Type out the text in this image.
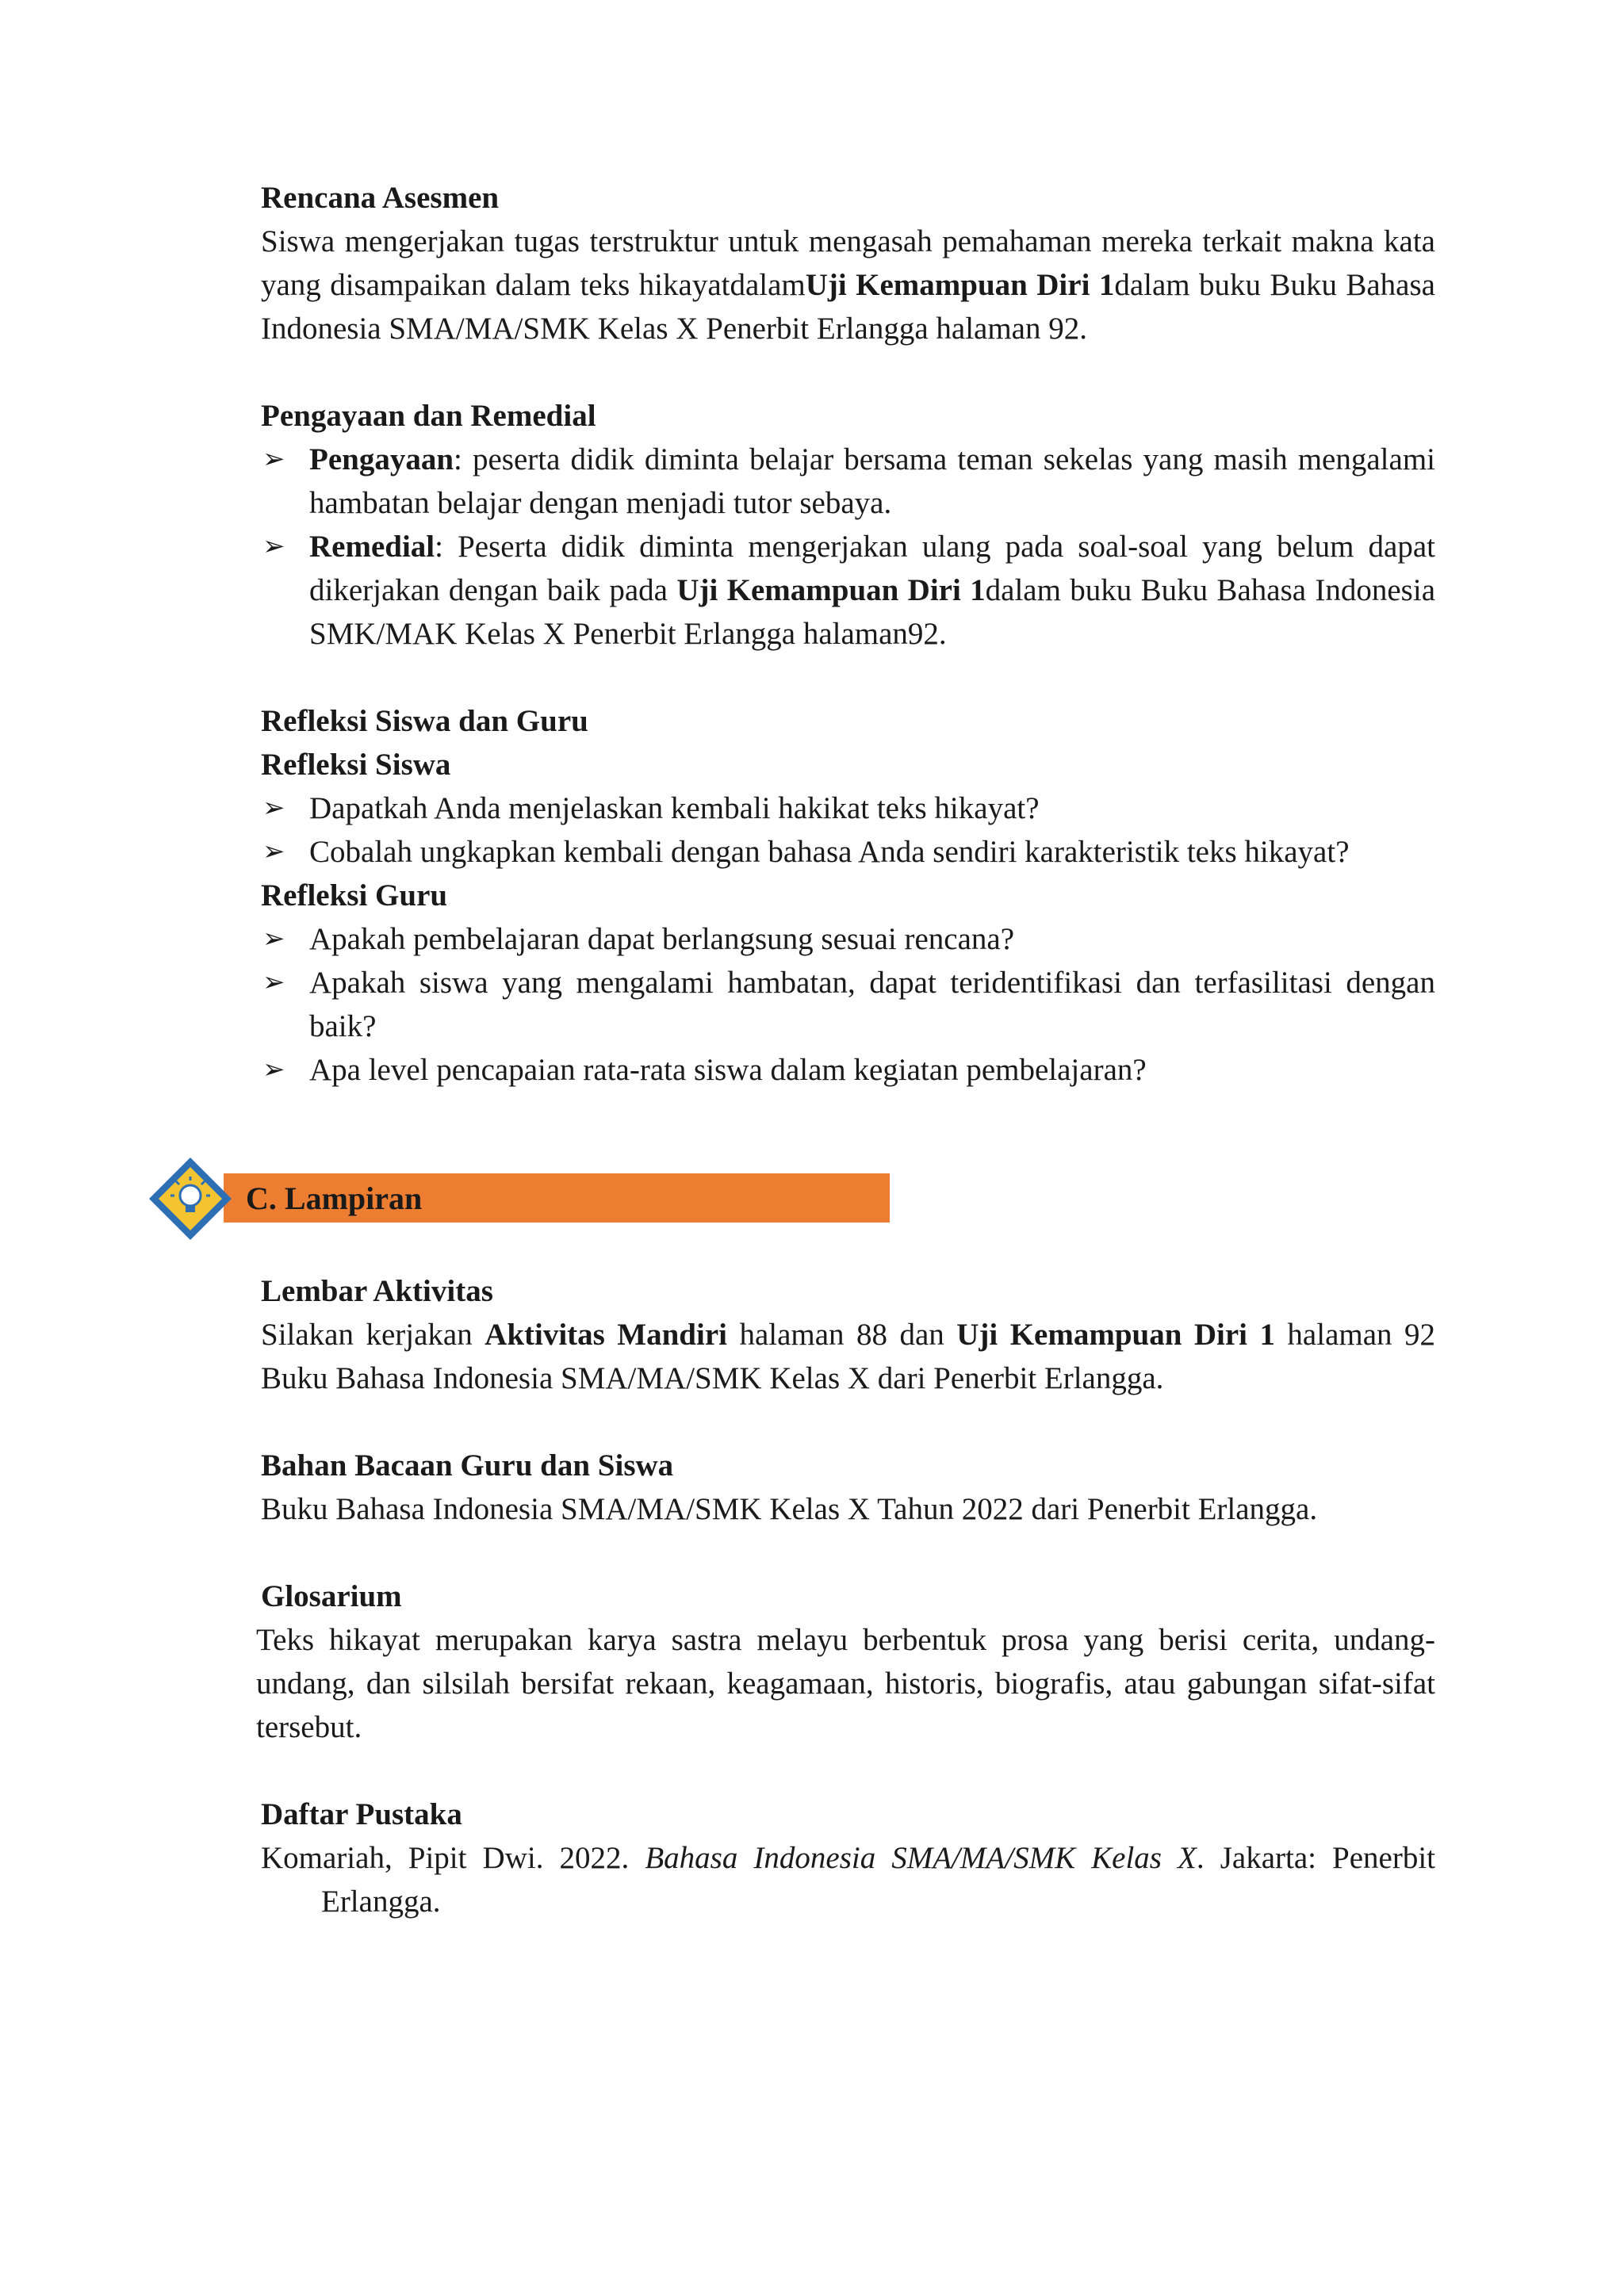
Rencana Asesmen
Siswa mengerjakan tugas terstruktur untuk mengasah pemahaman mereka terkait makna kata yang disampaikan dalam teks hikayatdalamUji Kemampuan Diri 1dalam buku Buku Bahasa Indonesia SMA/MA/SMK Kelas X Penerbit Erlangga halaman 92.
Pengayaan dan Remedial
➢ Pengayaan: peserta didik diminta belajar bersama teman sekelas yang masih mengalami hambatan belajar dengan menjadi tutor sebaya.
➢ Remedial: Peserta didik diminta mengerjakan ulang pada soal-soal yang belum dapat dikerjakan dengan baik pada Uji Kemampuan Diri 1dalam buku Buku Bahasa Indonesia SMK/MAK Kelas X Penerbit Erlangga halaman92.
Refleksi Siswa dan Guru
Refleksi Siswa
➢ Dapatkah Anda menjelaskan kembali hakikat teks hikayat?
➢ Cobalah ungkapkan kembali dengan bahasa Anda sendiri karakteristik teks hikayat?
Refleksi Guru
➢ Apakah pembelajaran dapat berlangsung sesuai rencana?
➢ Apakah siswa yang mengalami hambatan, dapat teridentifikasi dan terfasilitasi dengan baik?
➢ Apa level pencapaian rata-rata siswa dalam kegiatan pembelajaran?
C. Lampiran
Lembar Aktivitas
Silakan kerjakan Aktivitas Mandiri halaman 88 dan Uji Kemampuan Diri 1 halaman 92 Buku Bahasa Indonesia SMA/MA/SMK Kelas X dari Penerbit Erlangga.
Bahan Bacaan Guru dan Siswa
Buku Bahasa Indonesia SMA/MA/SMK Kelas X Tahun 2022 dari Penerbit Erlangga.
Glosarium
Teks hikayat merupakan karya sastra melayu berbentuk prosa yang berisi cerita, undang-undang, dan silsilah bersifat rekaan, keagamaan, historis, biografis, atau gabungan sifat-sifat tersebut.
Daftar Pustaka
Komariah, Pipit Dwi. 2022. Bahasa Indonesia SMA/MA/SMK Kelas X. Jakarta: Penerbit Erlangga.
